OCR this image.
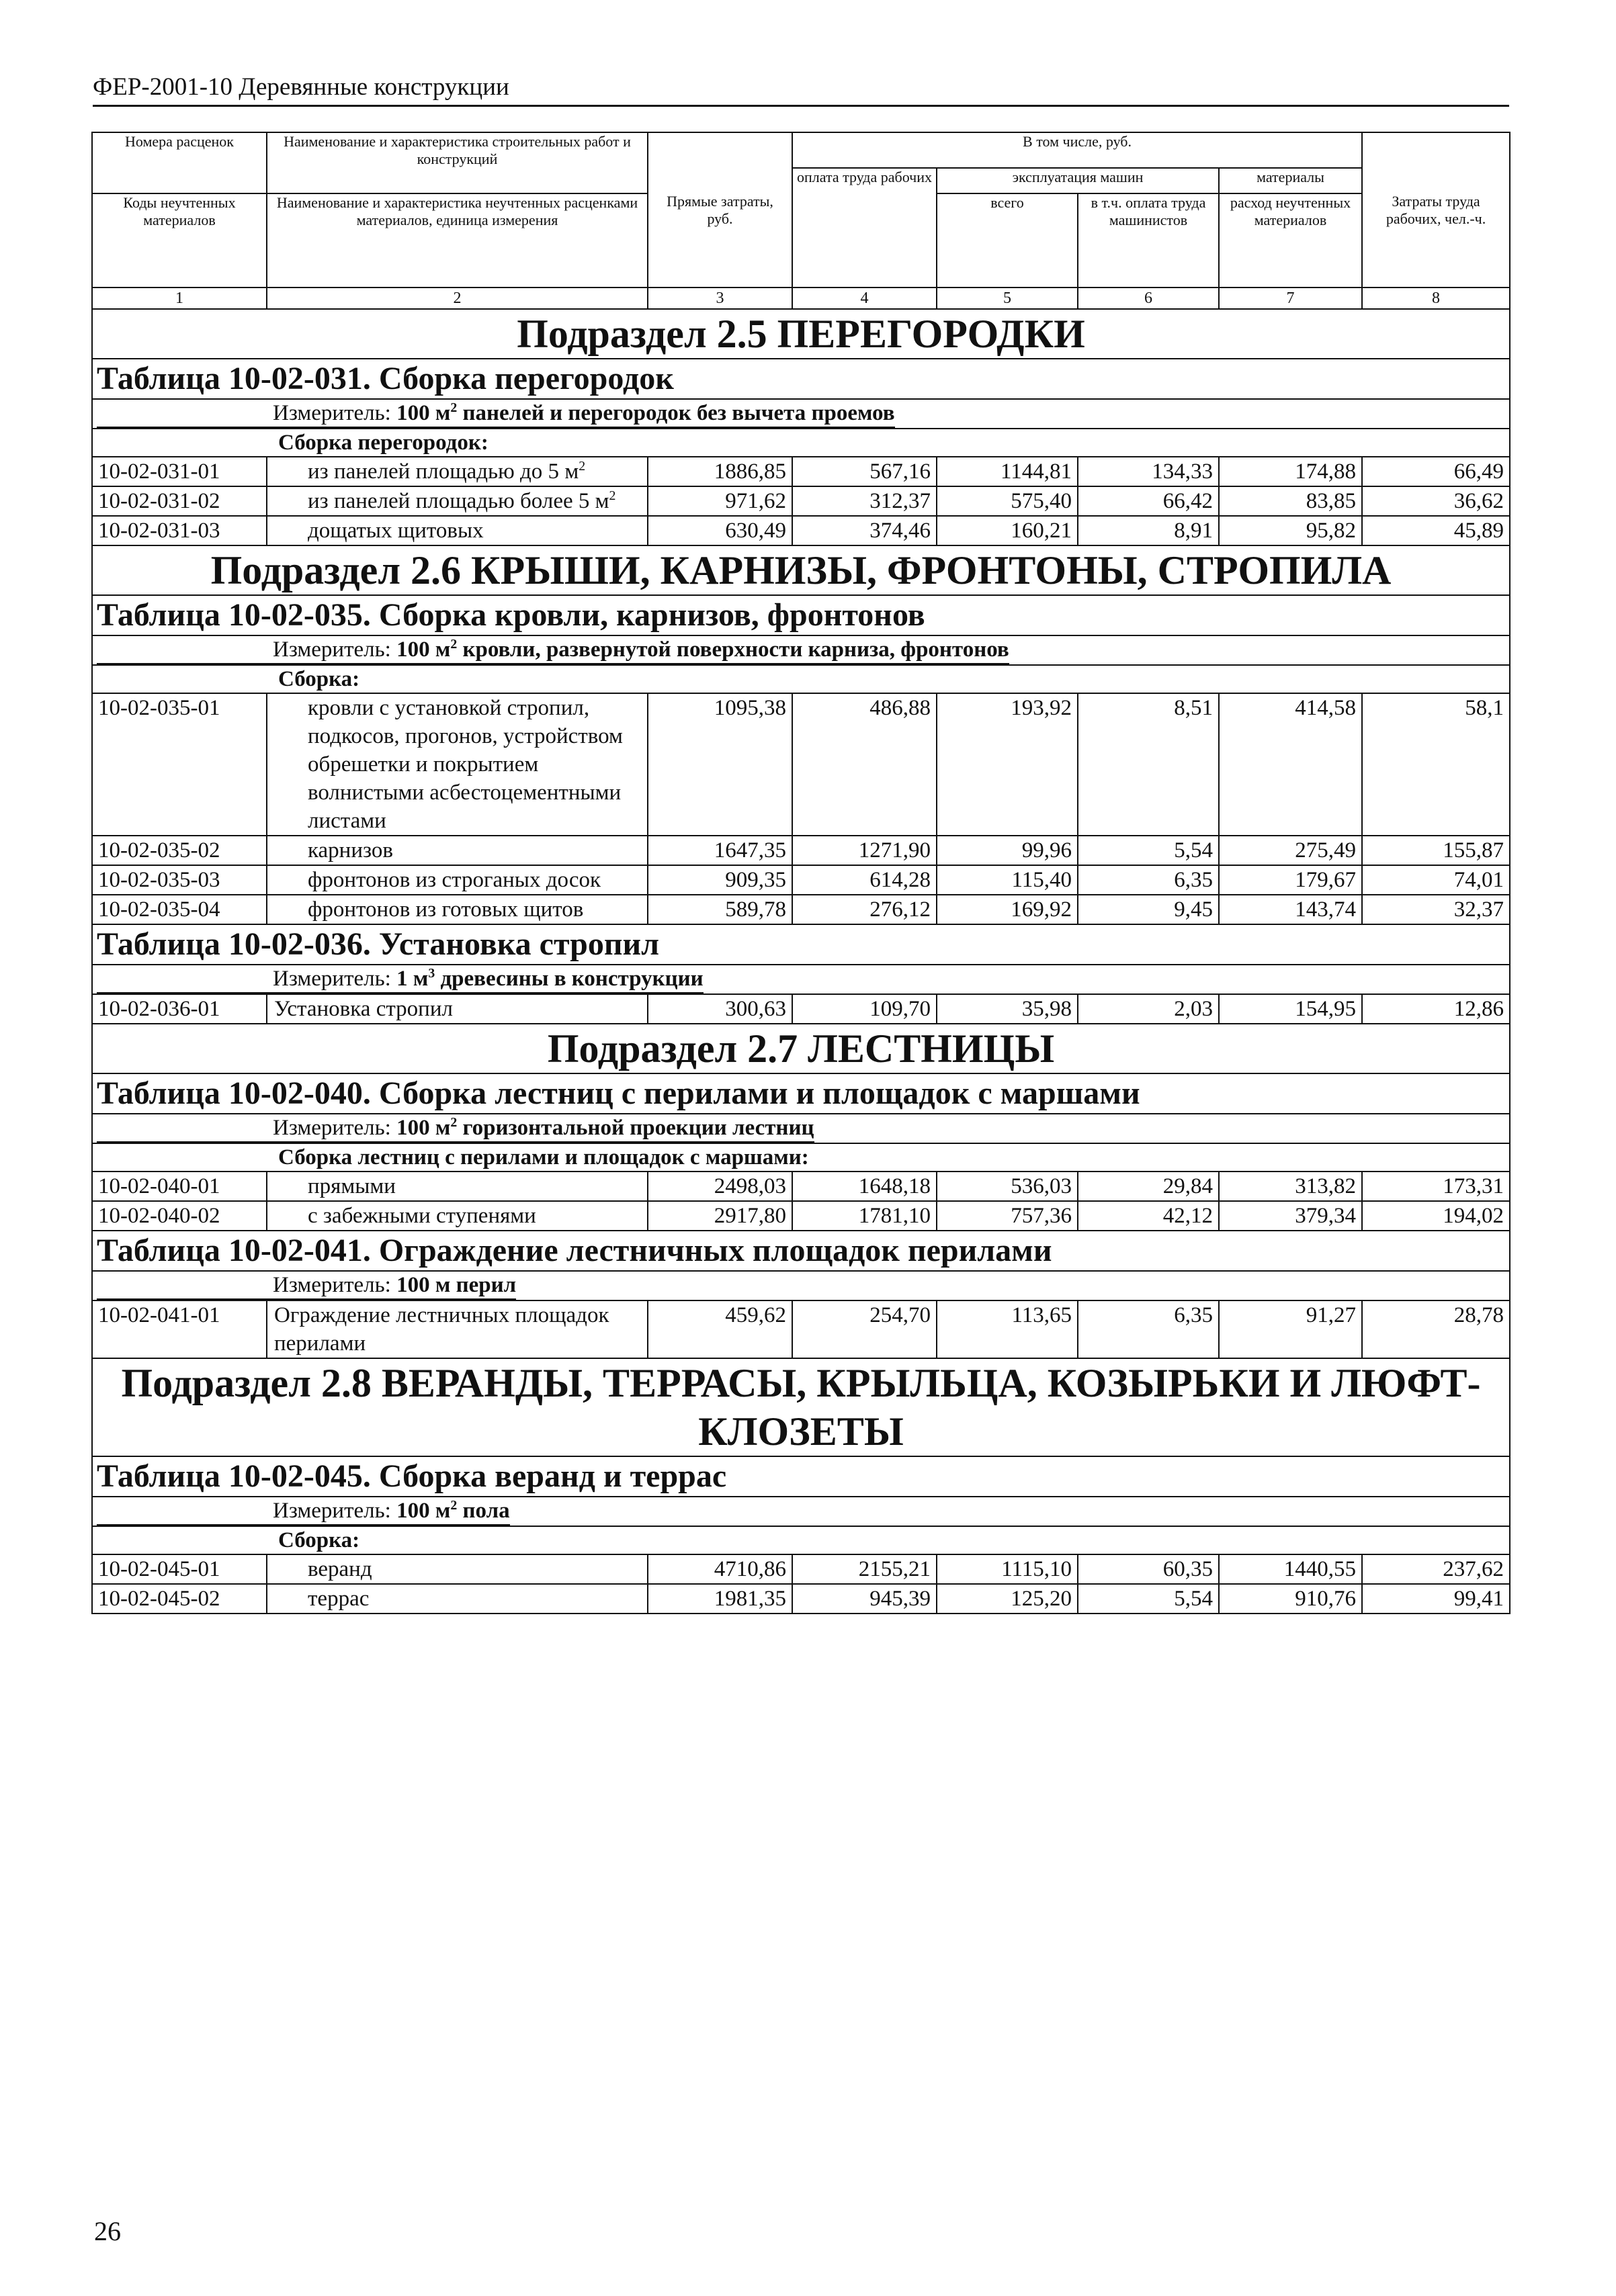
ФЕР-2001-10 Деревянные конструкции
Номера расценок	Наименование и характеристика строительных работ и конструкций	Прямые затраты, руб.	В том числе, руб.				Затраты труда рабочих, чел.-ч.
			оплата труда рабочих	эксплуатация машин		материалы	
Коды неучтенных материалов	Наименование и характеристика неучтенных расценками материалов, единица измерения			всего	в т.ч. оплата труда машинистов	расход неучтенных материалов	
1	2	3	4	5	6	7	8
Подраздел 2.5 ПЕРЕГОРОДКИ							
Таблица 10-02-031. Сборка перегородок							
Измеритель: 100 $м^2$ панелей и перегородок без вычета проемов							
Сборка перегородок:							
10-02-031-01	из панелей площадью до 5 $м^2$	1886,85	567,16	1144,81	134,33	174,88	66,49
10-02-031-02	из панелей площадью более 5 $м^2$	971,62	312,37	575,40	66,42	83,85	36,62
10-02-031-03	дощатых щитовых	630,49	374,46	160,21	8,91	95,82	45,89
Подраздел 2.6 КРЫШИ, КАРНИЗЫ, ФРОНТОНЫ, СТРОПИЛА							
Таблица 10-02-035. Сборка кровли, карнизов, фронтонов							
Измеритель: 100 $м^2$ кровли, развернутой поверхности карниза, фронтонов							
Сборка:							
10-02-035-01	кровли с установкой стропил, подкосов, прогонов, устройством обрешетки и покрытием волнистыми асбестоцементными листами	1095,38	486,88	193,92	8,51	414,58	58,1
10-02-035-02	карнизов	1647,35	1271,90	99,96	5,54	275,49	155,87
10-02-035-03	фронтонов из строганых досок	909,35	614,28	115,40	6,35	179,67	74,01
10-02-035-04	фронтонов из готовых щитов	589,78	276,12	169,92	9,45	143,74	32,37
Таблица 10-02-036. Установка стропил							
Измеритель: 1 $м^3$ древесины в конструкции							
10-02-036-01	Установка стропил	300,63	109,70	35,98	2,03	154,95	12,86
Подраздел 2.7 ЛЕСТНИЦЫ							
Таблица 10-02-040. Сборка лестниц с перилами и площадок с маршами							
Измеритель: 100 $м^2$ горизонтальной проекции лестниц							
Сборка лестниц с перилами и площадок с маршами:							
10-02-040-01	прямыми	2498,03	1648,18	536,03	29,84	313,82	173,31
10-02-040-02	с забежными ступенями	2917,80	1781,10	757,36	42,12	379,34	194,02
Таблица 10-02-041. Ограждение лестничных площадок перилами							
Измеритель: 100 м перил							
10-02-041-01	Ограждение лестничных площадок перилами	459,62	254,70	113,65	6,35	91,27	28,78
Подраздел 2.8 ВЕРАНДЫ, ТЕРРАСЫ, КРЫЛЬЦА, КОЗЫРЬКИ И ЛЮФТ-КЛОЗЕТЫ							
Таблица 10-02-045. Сборка веранд и террас							
Измеритель: 100 $м^2$ пола							
Сборка:							
10-02-045-01	веранд	4710,86	2155,21	1115,10	60,35	1440,55	237,62
10-02-045-02	террас	1981,35	945,39	125,20	5,54	910,76	99,41
26
